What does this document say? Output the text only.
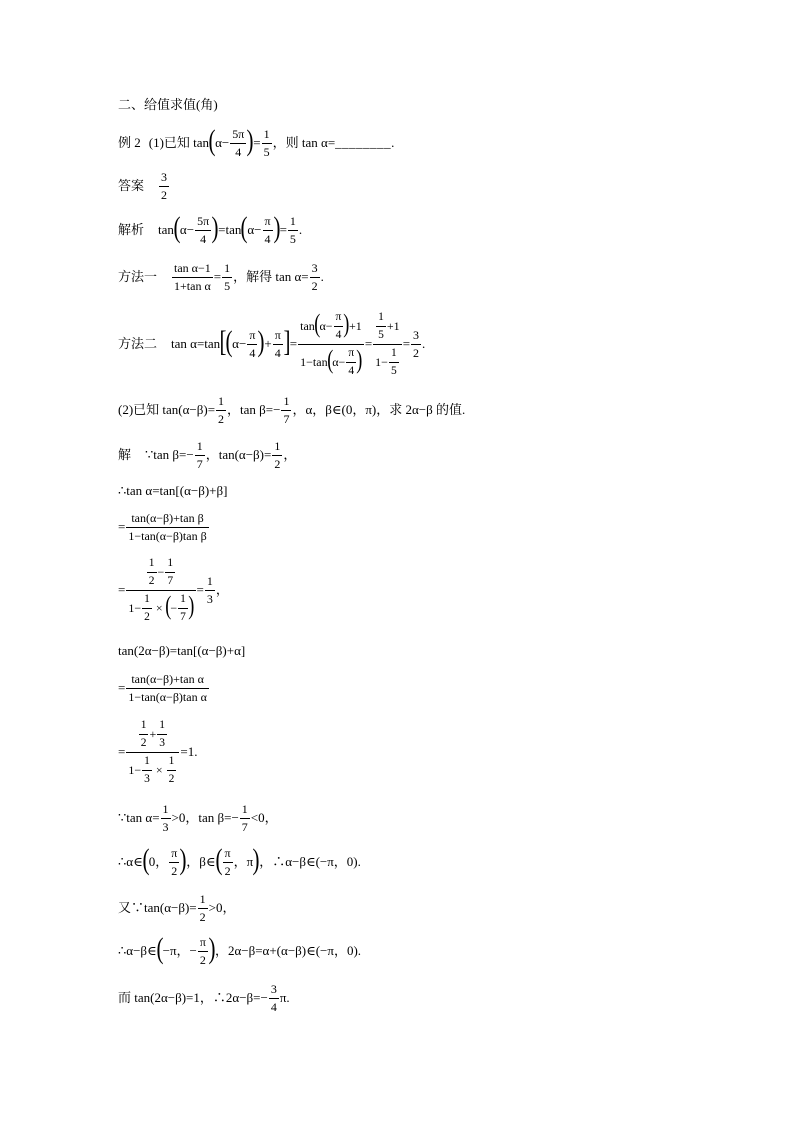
二、给值求值(角)
例 2 (1)已知 tan ( $\alpha- \frac{5\pi}{4}$ ) = $\frac{1}{5}$ ，则 tan α= ________ .
答案 $\frac{3}{2}$
解析 tan ( $\alpha- \frac{5\pi}{4}$ ) =tan ( $\alpha- \frac{\pi}{4}$ ) = $\frac{1}{5}$ .
方法一 $\frac{\text{tan α−1}}{\text{1+tan α}} = \frac{1}{5}$ ，解得 $\tan \alpha= \frac{3}{2}$ .
方法二 tan α=tan [ ( $\alpha- \frac{\pi}{4}$ ) + $\frac{\pi}{4}$ ] = $\frac{\tan ( \alpha- \frac{\pi}{4} ) +1}{1-\tan ( \alpha- \frac{\pi}{4} )} = \frac{\frac{1}{5} +1}{1- \frac{1}{5}} = \frac{3}{2}$ .
(2)已知 $\tan(\alpha-\beta)= \frac{1}{2}$ ，$\tan \beta=- \frac{1}{7}$ ，α，β∈(0，π)，求 2α−β 的值.
解 ∵tan $\beta=- \frac{1}{7}$ ，$\tan(\alpha-\beta)= \frac{1}{2}$ ，
∴tan α=tan[(α−β)+β]
= $\frac{\text{tan(α−β)+tan β}}{\text{1−tan(α−β)tan β}}$
= $\frac{\frac{1}{2} - \frac{1}{7}}{1- \frac{1}{2} \times ( - \frac{1}{7} )} = \frac{1}{3}$ ，
tan(2α−β)=tan[(α−β)+α]
= $\frac{\text{tan(α−β)+tan α}}{\text{1−tan(α−β)tan α}}$
= $\frac{\frac{1}{2} + \frac{1}{3}}{1- \frac{1}{3} \times \frac{1}{2}} =1$.
∵tan $\alpha= \frac{1}{3} >0$，$\tan \beta=- \frac{1}{7} <0$，
∴α∈ ( 0， $\frac{\pi}{2}$ ) ，β∈ ( $\frac{\pi}{2}$ ，π ) ，∴α−β∈(−π，0).
又∵tan(α−β)= $\frac{1}{2} >0$，
∴α−β∈ ( −π，− $\frac{\pi}{2}$ ) ，2α−β=α+(α−β)∈(−π，0).
而 tan(2α−β)=1，∴2α−β=− $\frac{3}{4} \pi$.
